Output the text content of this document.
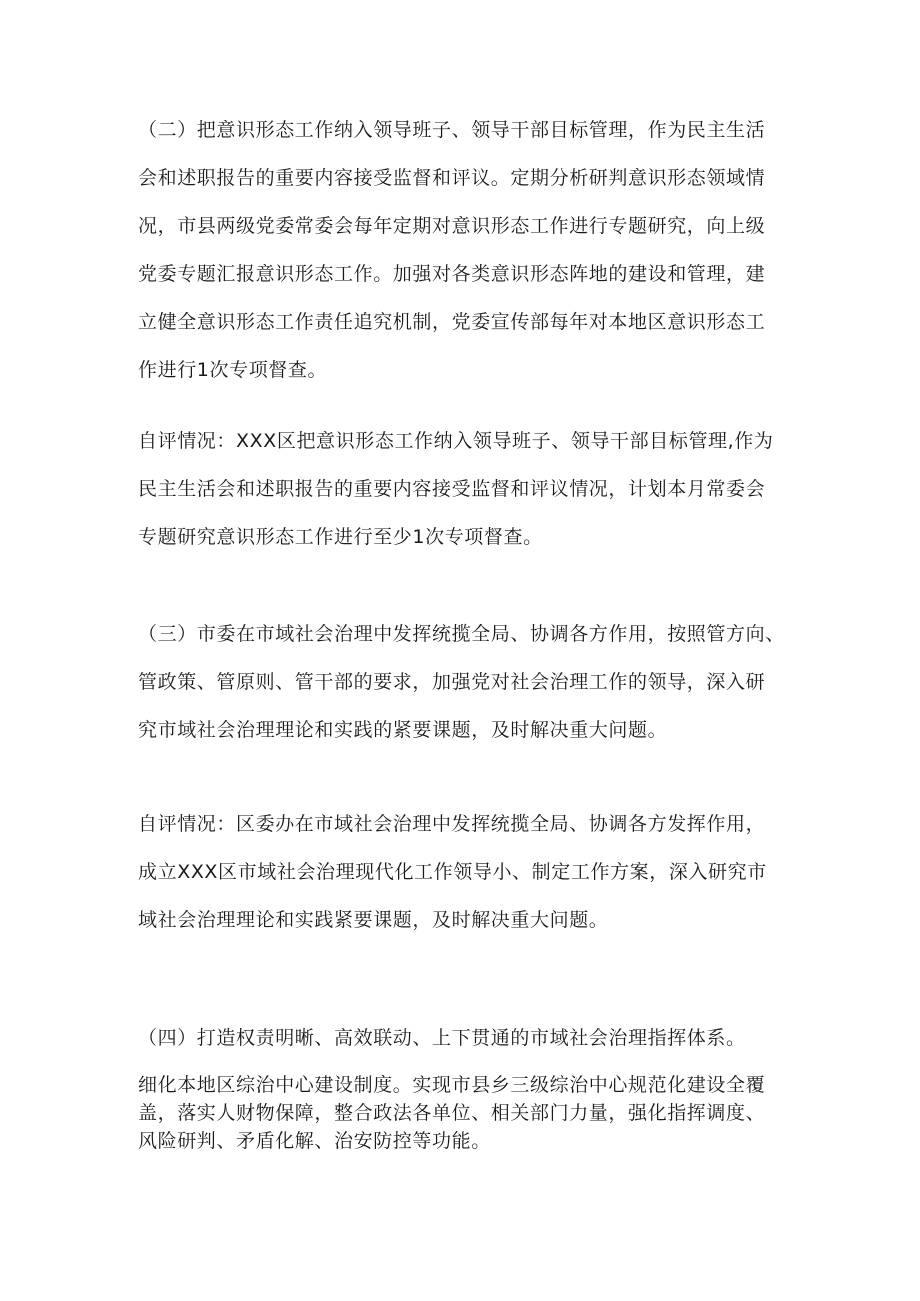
（二）把意识形态工作纳入领导班子、领导干部目标管理，作为民主生活
会和述职报告的重要内容接受监督和评议。定期分析研判意识形态领域情
况，市县两级党委常委会每年定期对意识形态工作进行专题研究，向上级
党委专题汇报意识形态工作。加强对各类意识形态阵地的建设和管理，建
立健全意识形态工作责任追究机制，党委宣传部每年对本地区意识形态工
作进行1次专项督查。
自评情况：XXX区把意识形态工作纳入领导班子、领导干部目标管理,作为
民主生活会和述职报告的重要内容接受监督和评议情况，计划本月常委会
专题研究意识形态工作进行至少1次专项督查。
（三）市委在市域社会治理中发挥统揽全局、协调各方作用，按照管方向、
管政策、管原则、管干部的要求，加强党对社会治理工作的领导，深入研
究市域社会治理理论和实践的紧要课题，及时解决重大问题。
自评情况：区委办在市域社会治理中发挥统揽全局、协调各方发挥作用，
成立XXX区市域社会治理现代化工作领导小、制定工作方案，深入研究市
域社会治理理论和实践紧要课题，及时解决重大问题。
（四）打造权责明晰、高效联动、上下贯通的市域社会治理指挥体系。
细化本地区综治中心建设制度。实现市县乡三级综治中心规范化建设全覆
盖，落实人财物保障，整合政法各单位、相关部门力量，强化指挥调度、
风险研判、矛盾化解、治安防控等功能。
